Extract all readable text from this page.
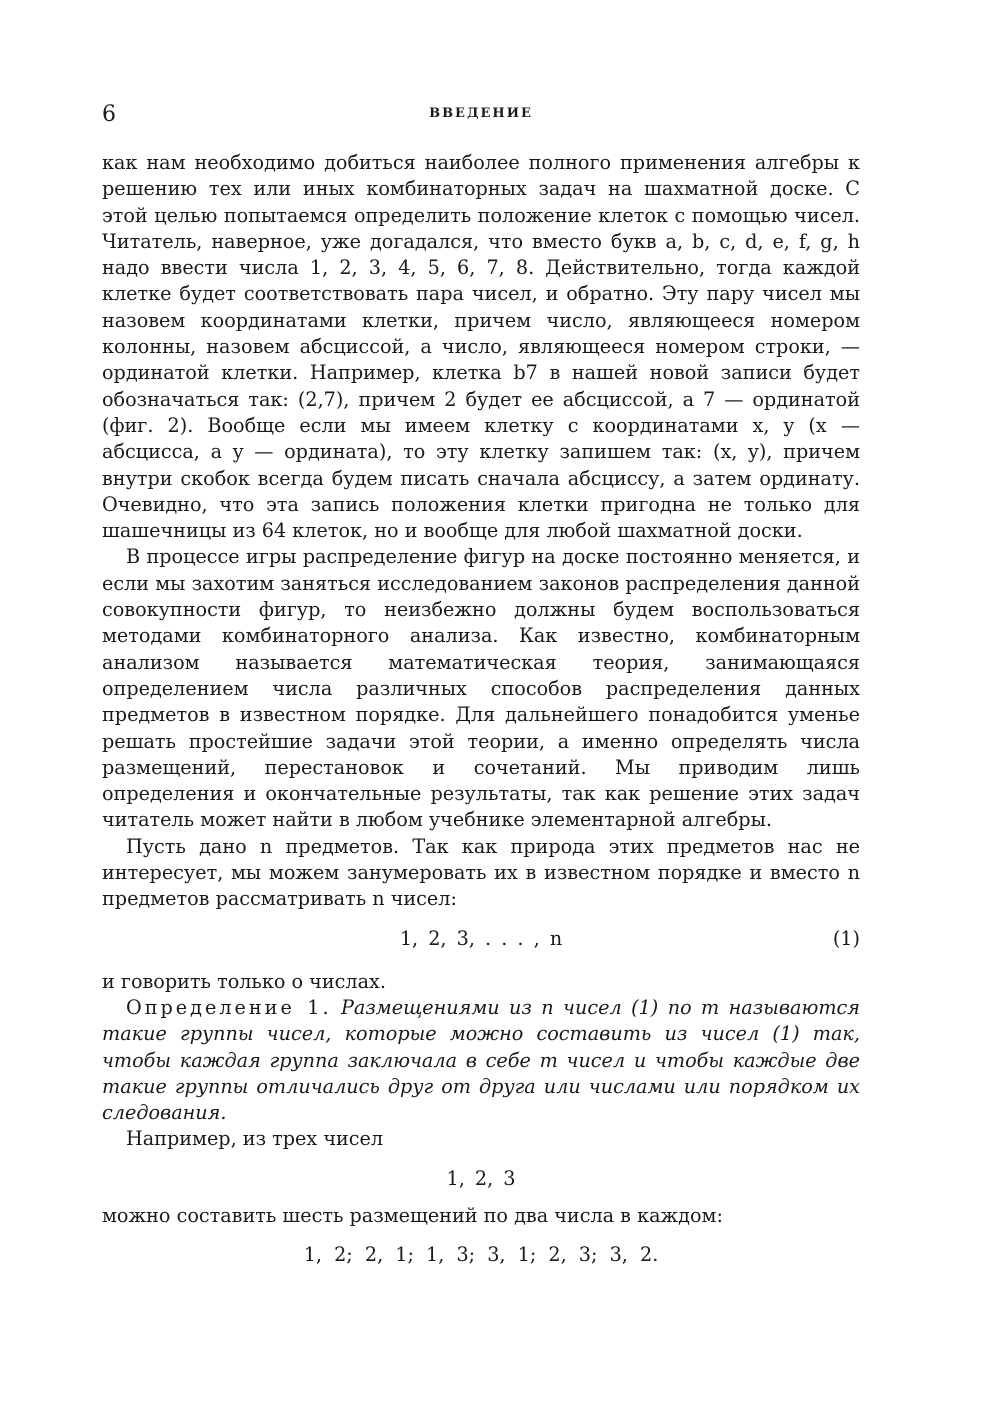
6	ВВЕДЕНИЕ

как нам необходимо добиться наиболее полного применения алгебры к решению тех или иных комбинаторных задач на шахматной доске. С этой целью попытаемся определить положение клеток с помощью чисел. Читатель, наверное, уже догадался, что вместо букв a, b, c, d, e, f, g, h надо ввести числа 1, 2, 3, 4, 5, 6, 7, 8. Действительно, тогда каждой клетке будет соответствовать пара чисел, и обратно. Эту пару чисел мы назовем координатами клетки, причем число, являющееся номером колонны, назовем абсциссой, а число, являющееся номером строки, — ординатой клетки. Например, клетка b7 в нашей новой записи будет обозначаться так: (2,7), причем 2 будет ее абсциссой, а 7 — ординатой (фиг. 2). Вообще если мы имеем клетку с координатами x, y (x — абсцисса, а y — ордината), то эту клетку запишем так: (x, y), причем внутри скобок всегда будем писать сначала абсциссу, а затем ординату. Очевидно, что эта запись положения клетки пригодна не только для шашечницы из 64 клеток, но и вообще для любой шахматной доски.

В процессе игры распределение фигур на доске постоянно меняется, и если мы захотим заняться исследованием законов распределения данной совокупности фигур, то неизбежно должны будем воспользоваться методами комбинаторного анализа. Как известно, комбинаторным анализом называется математическая теория, занимающаяся определением числа различных способов распределения данных предметов в известном порядке. Для дальнейшего понадобится уменье решать простейшие задачи этой теории, а именно определять числа размещений, перестановок и сочетаний. Мы приводим лишь определения и окончательные результаты, так как решение этих задач читатель может найти в любом учебнике элементарной алгебры.

Пусть дано n предметов. Так как природа этих предметов нас не интересует, мы можем занумеровать их в известном порядке и вместо n предметов рассматривать n чисел:

1, 2, 3, . . . , n	(1)

и говорить только о числах.

Определение 1. Размещениями из n чисел (1) по m называются такие группы чисел, которые можно составить из чисел (1) так, чтобы каждая группа заключала в себе m чисел и чтобы каждые две такие группы отличались друг от друга или числами или порядком их следования.

Например, из трех чисел

1, 2, 3

можно составить шесть размещений по два числа в каждом:

1, 2; 2, 1; 1, 3; 3, 1; 2, 3; 3, 2.
